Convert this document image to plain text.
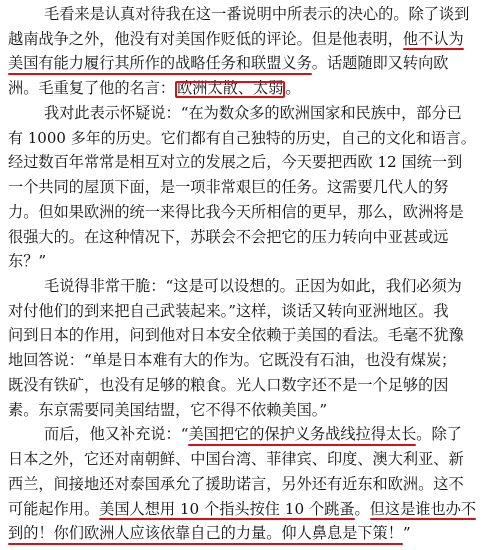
毛看来是认真对待我在这一番说明中所表示的决心的。除了谈到
越南战争之外，他没有对美国作贬低的评论。但是他表明，他不认为
美国有能力履行其所作的战略任务和联盟义务
。话题随即又转向欧
洲。毛重复了他的名言： 欧洲太散、太弱 。
我对此表示怀疑说：“在为数众多的欧洲国家和民族中，部分已
有 1000 多年的历史。它们都有自己独特的历史，自己的文化和语言。
经过数百年常常是相互对立的发展之后，今天要把西欧 12 国统一到
一个共同的屋顶下面，是一项非常艰巨的任务。这需要几代人的努
力。但如果欧洲的统一来得比我今天所相信的更早，那么，欧洲将是
很强大的。在这种情况下，苏联会不会把它的压力转向中亚甚或远
东？”
毛说得非常干脆：“这是可以设想的。正因为如此，我们必须为
对付他们的到来把自己武装起来。”这样，谈话又转向亚洲地区。我
问到日本的作用，问到他对日本安全依赖于美国的看法。毛毫不犹豫
地回答说：“单是日本难有大的作为。它既没有石油，也没有煤炭；
既没有铁矿，也没有足够的粮食。光人口数字还不是一个足够的因
素。东京需要同美国结盟，它不得不依赖美国。”
而后，他又补充说：“美国把它的保护义务战线拉得太长
。除了
日本之外，它还对南朝鲜、中国台湾、菲律宾、印度、澳大利亚、新
西兰，间接地还对泰国承允了援助诺言，另外还有近东和欧洲。这不
可能起作用。美国人想用 10 个指头按住 10 个跳蚤
。但这是谁也办不
到的！你们欧洲人应该依靠自己的力量。仰人鼻息是下策！
”
